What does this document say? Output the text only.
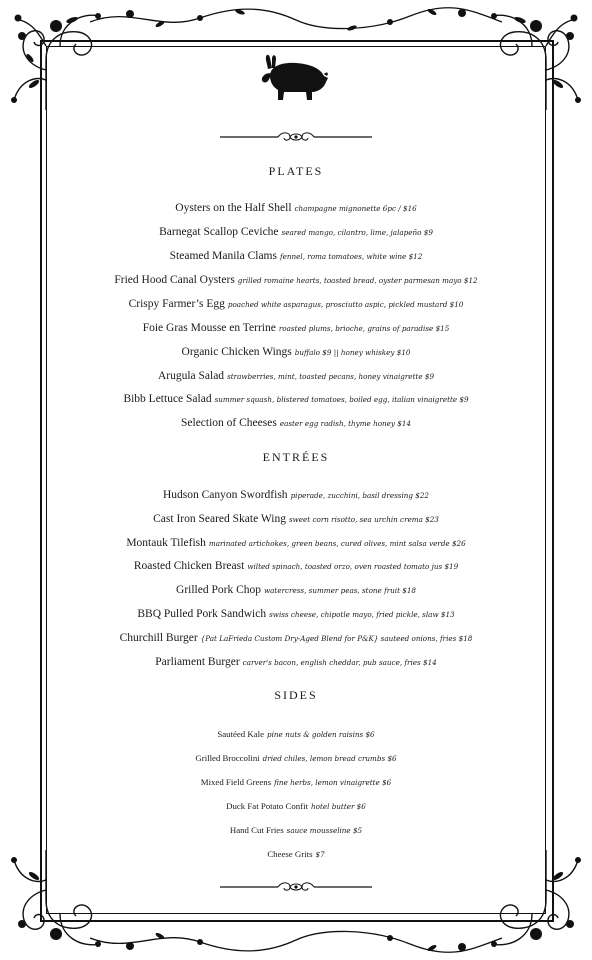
PLATES
Oysters on the Half Shell champagne mignonette 6pc / $16
Barnegat Scallop Ceviche seared mango, cilantro, lime, jalapeño $9
Steamed Manila Clams fennel, roma tomatoes, white wine $12
Fried Hood Canal Oysters grilled romaine hearts, toasted bread, oyster parmesan mayo $12
Crispy Farmer’s Egg poached white asparagus, prosciutto aspic, pickled mustard $10
Foie Gras Mousse en Terrine roasted plums, brioche, grains of paradise $15
Organic Chicken Wings buffalo $9 || honey whiskey $10
Arugula Salad strawberries, mint, toasted pecans, honey vinaigrette $9
Bibb Lettuce Salad summer squash, blistered tomatoes, boiled egg, italian vinaigrette $9
Selection of Cheeses easter egg radish, thyme honey $14
ENTRÉES
Hudson Canyon Swordfish piperade, zucchini, basil dressing $22
Cast Iron Seared Skate Wing sweet corn risotto, sea urchin crema $23
Montauk Tilefish marinated artichokes, green beans, cured olives, mint salsa verde $26
Roasted Chicken Breast wilted spinach, toasted orzo, oven roasted tomato jus $19
Grilled Pork Chop watercress, summer peas, stone fruit $18
BBQ Pulled Pork Sandwich swiss cheese, chipotle mayo, fried pickle, slaw $13
Churchill Burger {Pat LaFrieda Custom Dry-Aged Blend for P&K} sauteed onions, fries $18
Parliament Burger carver's bacon, english cheddar, pub sauce, fries $14
SIDES
Sautéed Kale pine nuts & golden raisins $6
Grilled Broccolini dried chiles, lemon bread crumbs $6
Mixed Field Greens fine herbs, lemon vinaigrette $6
Duck Fat Potato Confit hotel butter $6
Hand Cut Fries sauce mousseline $5
Cheese Grits $7
